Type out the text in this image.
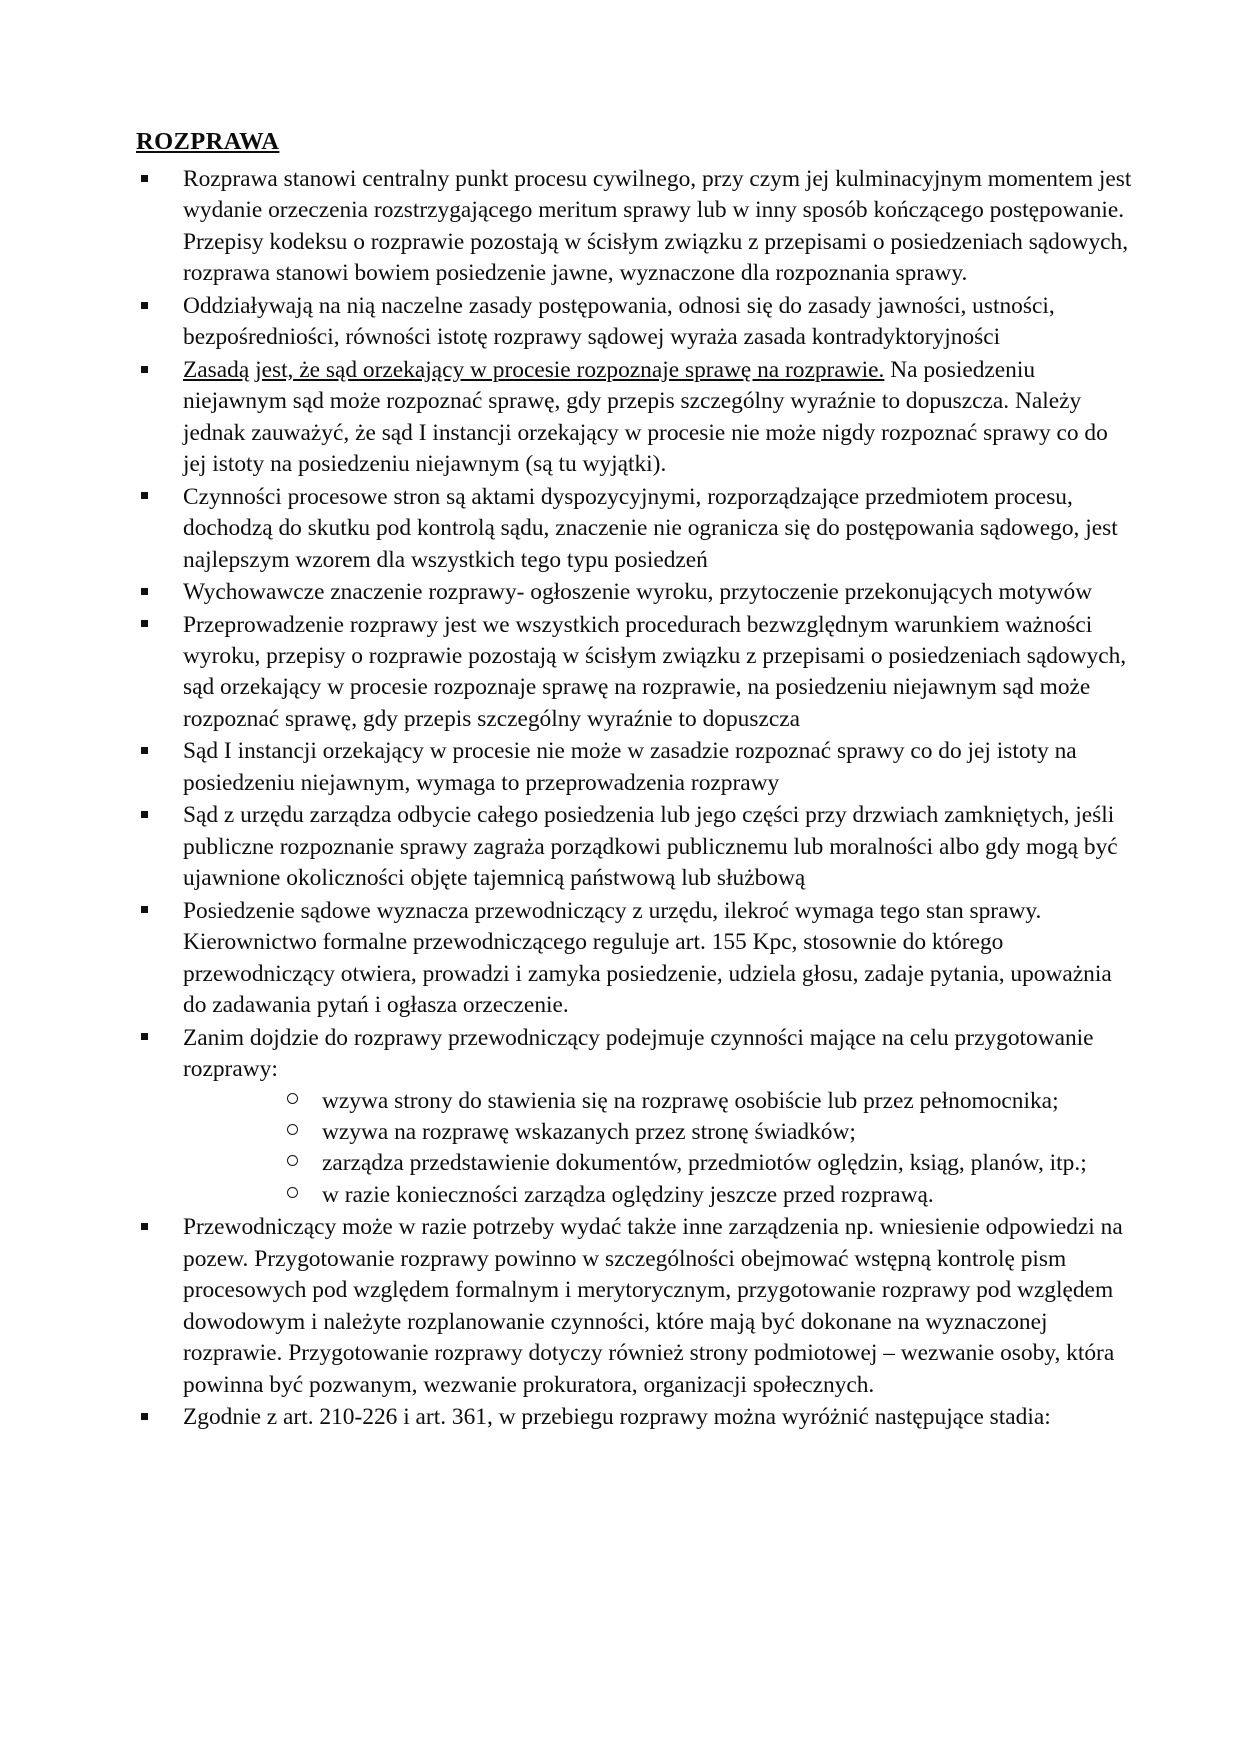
ROZPRAWA
Rozprawa stanowi centralny punkt procesu cywilnego, przy czym jej kulminacyjnym momentem jest wydanie orzeczenia rozstrzygającego meritum sprawy lub w inny sposób kończącego postępowanie. Przepisy kodeksu o rozprawie pozostają w ścisłym związku z przepisami o posiedzeniach sądowych, rozprawa stanowi bowiem posiedzenie jawne, wyznaczone dla rozpoznania sprawy.
Oddziaływają na nią naczelne zasady postępowania, odnosi się do zasady jawności, ustności, bezpośredniości, równości istotę rozprawy sądowej wyraża zasada kontradyktoryjności
Zasadą jest, że sąd orzekający w procesie rozpoznaje sprawę na rozprawie. Na posiedzeniu niejawnym sąd może rozpoznać sprawę, gdy przepis szczególny wyraźnie to dopuszcza. Należy jednak zauważyć, że sąd I instancji orzekający w procesie nie może nigdy rozpoznać sprawy co do jej istoty na posiedzeniu niejawnym (są tu wyjątki).
Czynności procesowe stron są aktami dyspozycyjnymi, rozporządzające przedmiotem procesu, dochodzą do skutku pod kontrolą sądu, znaczenie nie ogranicza się do postępowania sądowego, jest najlepszym wzorem dla wszystkich tego typu posiedzeń
Wychowawcze znaczenie rozprawy- ogłoszenie wyroku, przytoczenie przekonujących motywów
Przeprowadzenie rozprawy jest we wszystkich procedurach bezwzględnym warunkiem ważności wyroku, przepisy o rozprawie pozostają w ścisłym związku z przepisami o posiedzeniach sądowych, sąd orzekający w procesie rozpoznaje sprawę na rozprawie, na posiedzeniu niejawnym sąd może rozpoznać sprawę, gdy przepis szczególny wyraźnie to dopuszcza
Sąd I instancji orzekający w procesie nie może w zasadzie rozpoznać sprawy co do jej istoty na posiedzeniu niejawnym, wymaga to przeprowadzenia rozprawy
Sąd z urzędu zarządza odbycie całego posiedzenia lub jego części przy drzwiach zamkniętych, jeśli publiczne rozpoznanie sprawy zagraża porządkowi publicznemu lub moralności albo gdy mogą być ujawnione okoliczności objęte tajemnicą państwową lub służbową
Posiedzenie sądowe wyznacza przewodniczący z urzędu, ilekroć wymaga tego stan sprawy. Kierownictwo formalne przewodniczącego reguluje art. 155 Kpc, stosownie do którego przewodniczący otwiera, prowadzi i zamyka posiedzenie, udziela głosu, zadaje pytania, upoważnia do zadawania pytań i ogłasza orzeczenie.
Zanim dojdzie do rozprawy przewodniczący podejmuje czynności mające na celu przygotowanie rozprawy:
wzywa strony do stawienia się na rozprawę osobiście lub przez pełnomocnika;
wzywa na rozprawę wskazanych przez stronę świadków;
zarządza przedstawienie dokumentów, przedmiotów oględzin, ksiąg, planów, itp.;
w razie konieczności zarządza oględziny jeszcze przed rozprawą.
Przewodniczący może w razie potrzeby wydać także inne zarządzenia np. wniesienie odpowiedzi na pozew. Przygotowanie rozprawy powinno w szczególności obejmować wstępną kontrolę pism procesowych pod względem formalnym i merytorycznym, przygotowanie rozprawy pod względem dowodowym i należyte rozplanowanie czynności, które mają być dokonane na wyznaczonej rozprawie. Przygotowanie rozprawy dotyczy również strony podmiotowej – wezwanie osoby, która powinna być pozwanym, wezwanie prokuratora, organizacji społecznych.
Zgodnie z art. 210-226 i art. 361, w przebiegu rozprawy można wyróżnić następujące stadia:
